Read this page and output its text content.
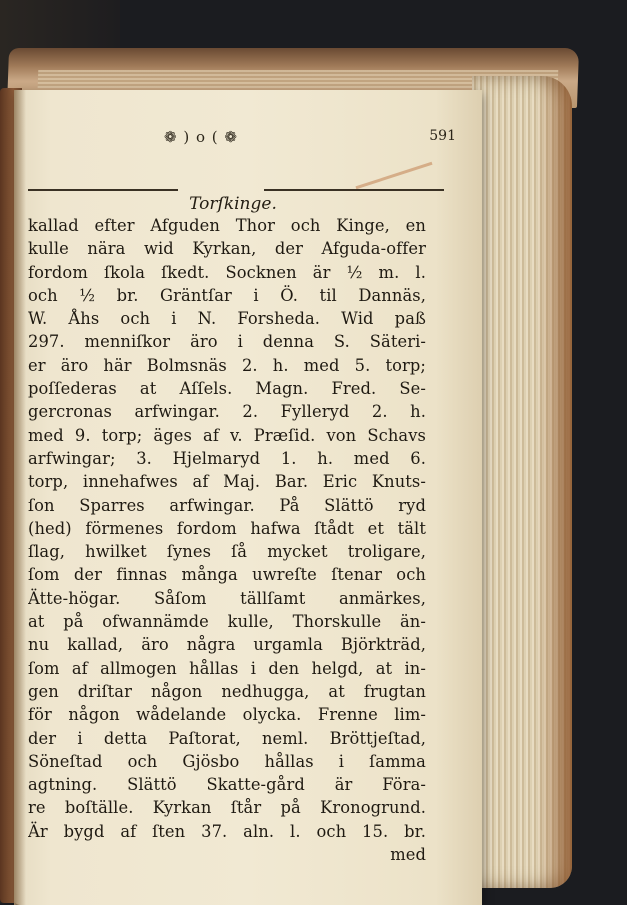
❁ ) o ( ❁	591
Torſkinge.
kallad efter Afguden Thor och Kinge, en
kulle nära wid Kyrkan, der Afguda-offer
fordom ſkola ſkedt. Socknen är ½ m. l.
och ½ br. Gräntſar i Ö. til Dannäs,
W. Åhs och i N. Forsheda. Wid paß
297. menniſkor äro i denna S. Säteri-
er äro här Bolmsnäs 2. h. med 5. torp;
poſſederas at Aſſels. Magn. Fred. Se-
gercronas arfwingar. 2. Fylleryd 2. h.
med 9. torp; äges af v. Præſid. von Schavs
arfwingar; 3. Hjelmaryd 1. h. med 6.
torp, innehafwes af Maj. Bar. Eric Knuts-
ſon Sparres arfwingar. På Slättö ryd
(hed) förmenes fordom hafwa ſtådt et tält
ſlag, hwilket ſynes ſå mycket troligare,
ſom der finnas många uwreſte ſtenar och
Ätte-högar. Såſom tällſamt anmärkes,
at på ofwannämde kulle, Thorskulle än-
nu kallad, äro några urgamla Björkträd,
ſom af allmogen hållas i den helgd, at in-
gen driſtar någon nedhugga, at frugtan
för någon wådelande olycka. Frenne lim-
der i detta Paſtorat, neml. Bröttjeſtad,
Söneſtad och Gjösbo hållas i ſamma
agtning. Slättö Skatte-gård är Föra-
re boſtälle. Kyrkan ſtår på Kronogrund.
Är bygd af ſten 37. aln. l. och 15. br.
med
